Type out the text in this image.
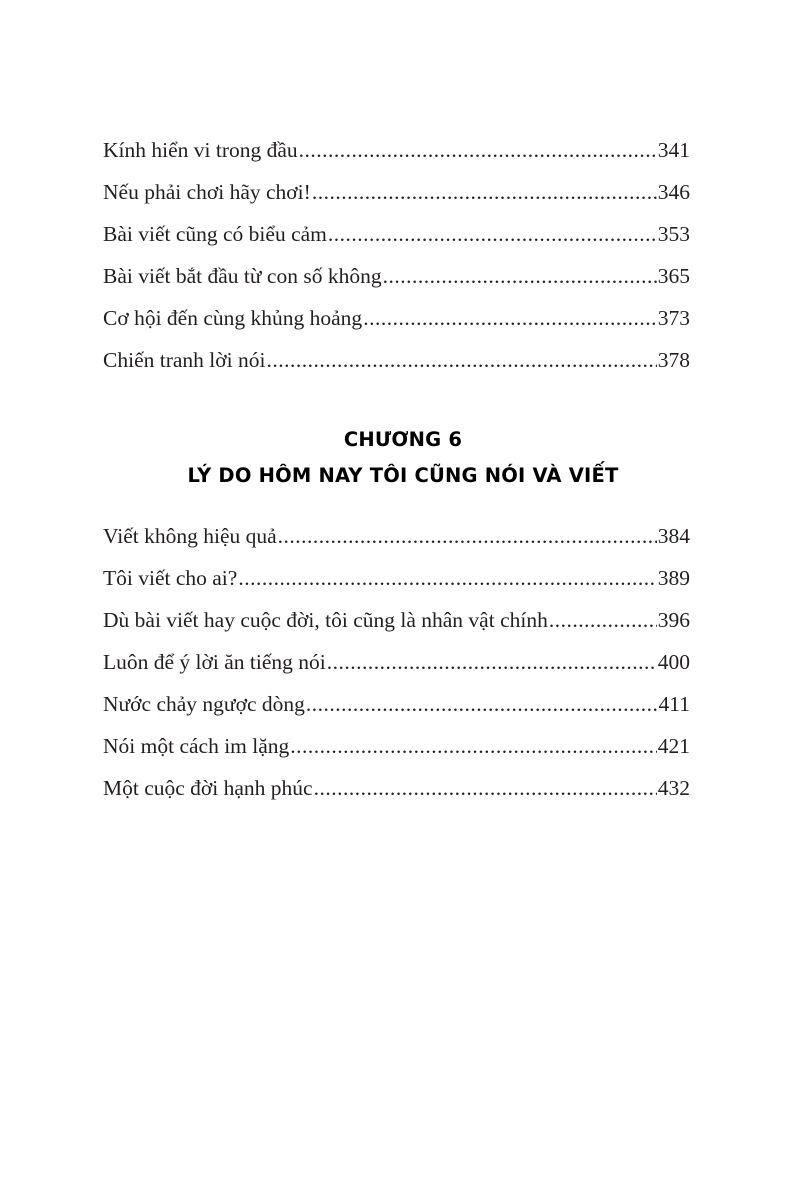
Kính hiển vi trong đầu .....	341
Nếu phải chơi hãy chơi! .....	346
Bài viết cũng có biểu cảm .....	353
Bài viết bắt đầu từ con số không .....	365
Cơ hội đến cùng khủng hoảng .....	373
Chiến tranh lời nói .....	378
CHƯƠNG 6
LÝ DO HÔM NAY TÔI CŨNG NÓI VÀ VIẾT
Viết không hiệu quả .....	384
Tôi viết cho ai? .....	389
Dù bài viết hay cuộc đời, tôi cũng là nhân vật chính .....	396
Luôn để ý lời ăn tiếng nói .....	400
Nước chảy ngược dòng .....	411
Nói một cách im lặng .....	421
Một cuộc đời hạnh phúc .....	432
